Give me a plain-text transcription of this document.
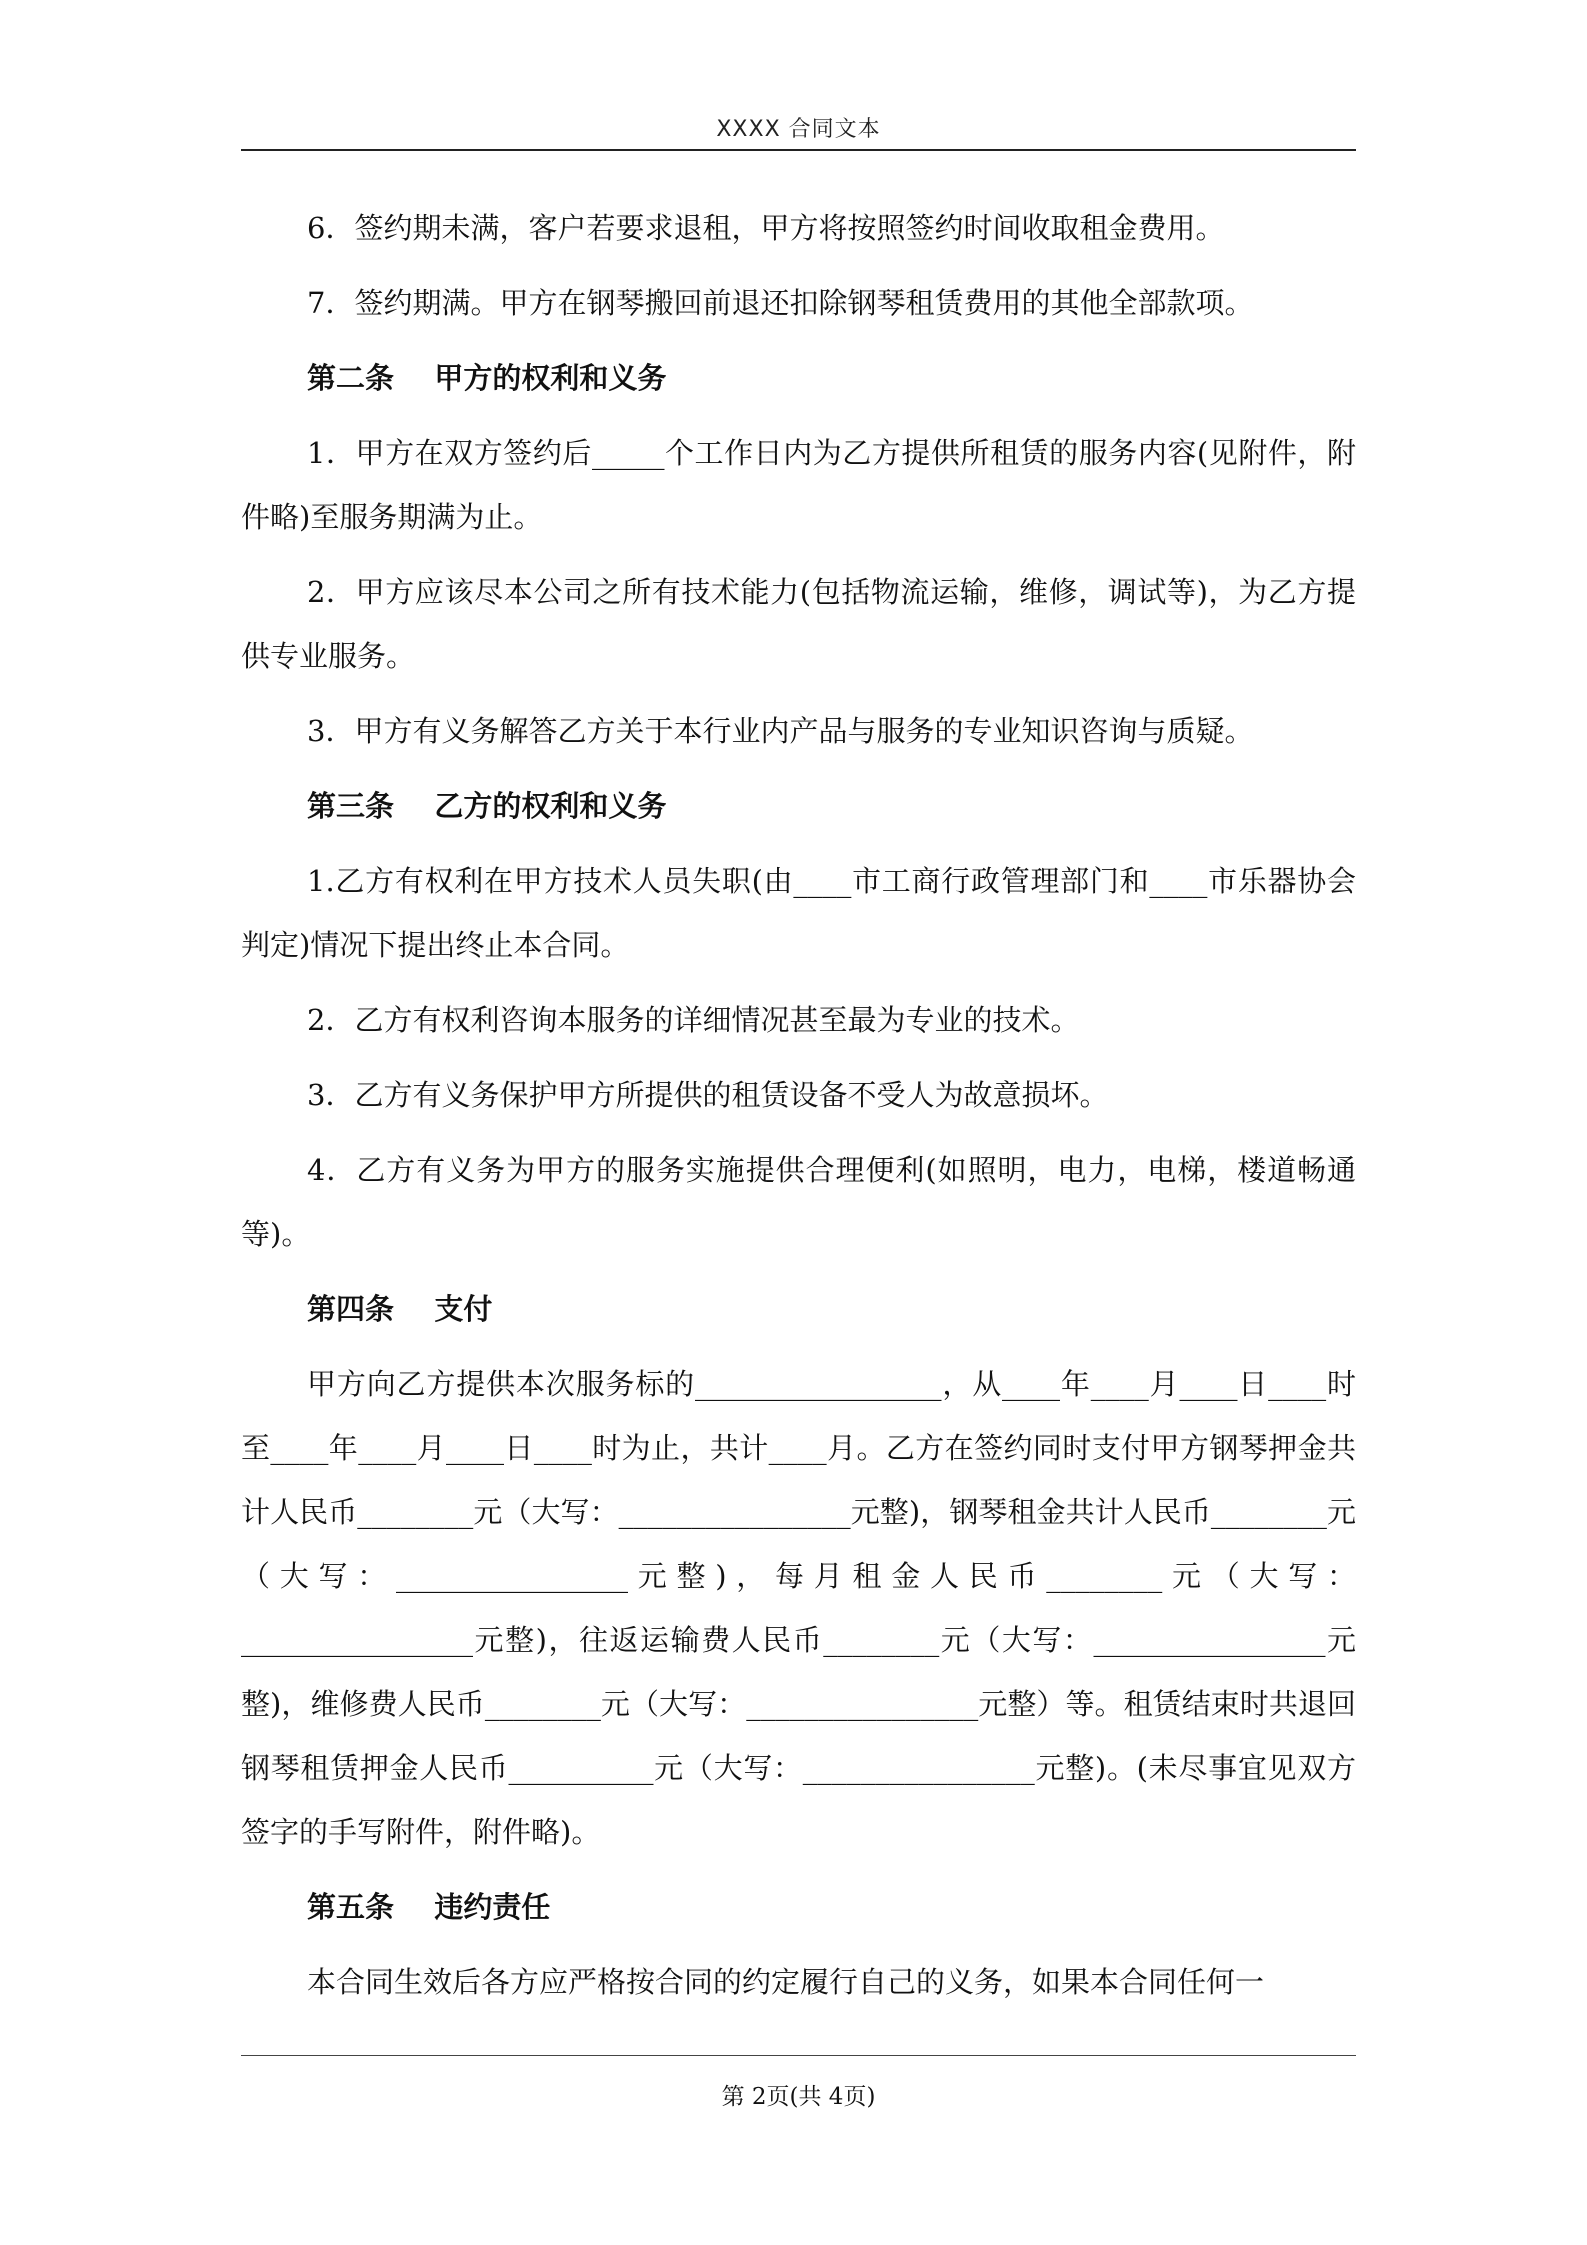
XXXX 合同文本

6．签约期未满，客户若要求退租，甲方将按照签约时间收取租金费用。

7．签约期满。甲方在钢琴搬回前退还扣除钢琴租赁费用的其他全部款项。

第二条    甲方的权利和义务

1．甲方在双方签约后_____个工作日内为乙方提供所租赁的服务内容(见附件，附件略)至服务期满为止。

2．甲方应该尽本公司之所有技术能力(包括物流运输，维修，调试等)，为乙方提供专业服务。

3．甲方有义务解答乙方关于本行业内产品与服务的专业知识咨询与质疑。

第三条    乙方的权利和义务

1.乙方有权利在甲方技术人员失职(由____市工商行政管理部门和____市乐器协会判定)情况下提出终止本合同。

2．乙方有权利咨询本服务的详细情况甚至最为专业的技术。

3．乙方有义务保护甲方所提供的租赁设备不受人为故意损坏。

4．乙方有义务为甲方的服务实施提供合理便利(如照明，电力，电梯，楼道畅通等)。

第四条    支付

甲方向乙方提供本次服务标的_________________，从____年____月____日____时至____年____月____日____时为止，共计____月。乙方在签约同时支付甲方钢琴押金共计人民币________元（大写：________________元整)，钢琴租金共计人民币________元（大写：________________元整)，每月租金人民币________元（大写：________________元整)，往返运输费人民币________元（大写：________________元整)，维修费人民币________元（大写：________________元整）等。租赁结束时共退回钢琴租赁押金人民币__________元（大写：________________元整)。(未尽事宜见双方签字的手写附件，附件略)。

第五条    违约责任

本合同生效后各方应严格按合同的约定履行自己的义务，如果本合同任何一

第 2页(共 4页)
